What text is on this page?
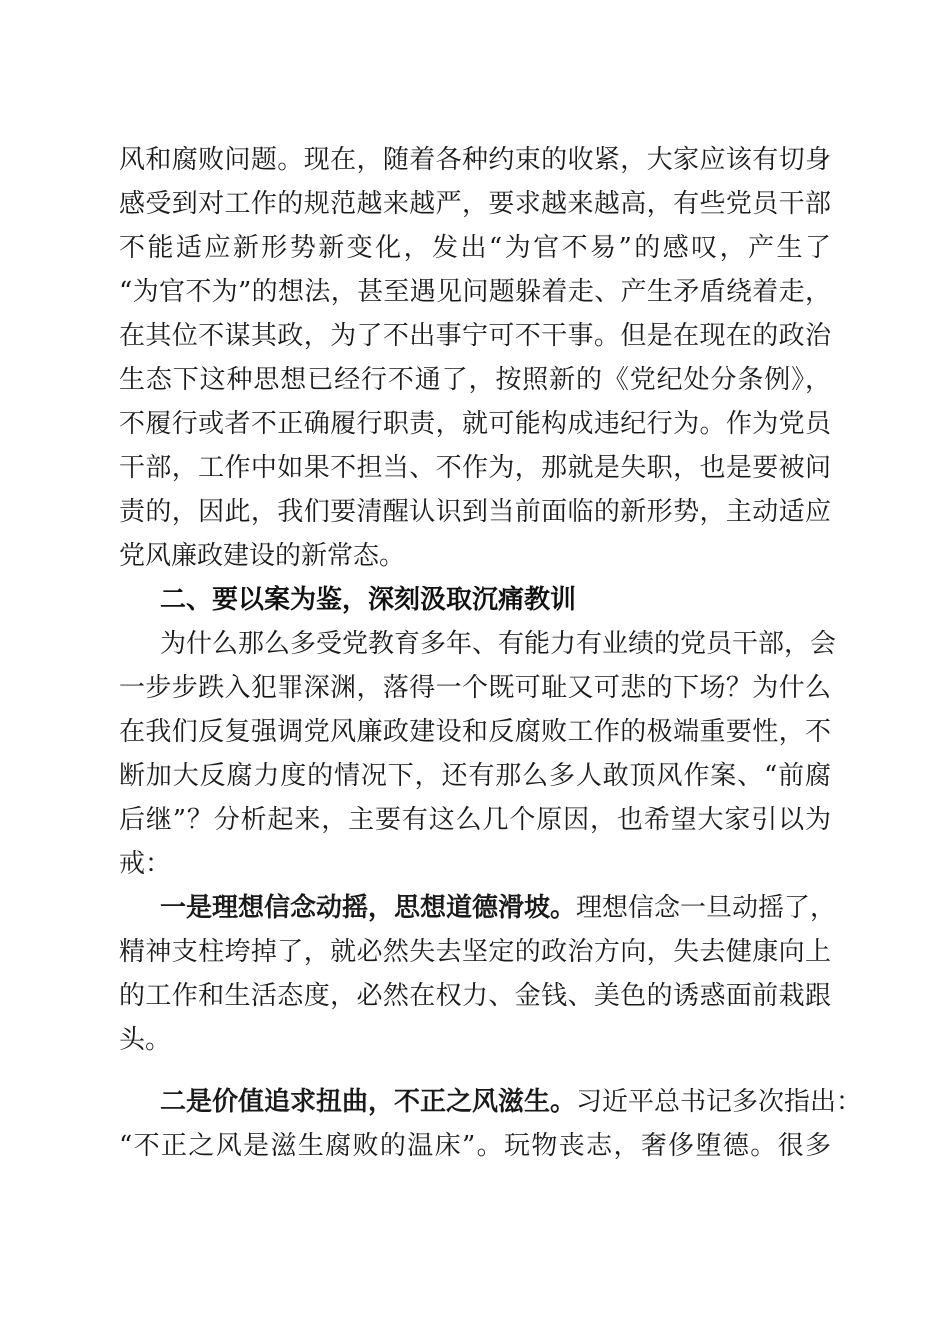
风和腐败问题。现在，随着各种约束的收紧，大家应该有切身
感受到对工作的规范越来越严，要求越来越高，有些党员干部
不能适应新形势新变化，发出“为官不易”的感叹，产生了
“为官不为”的想法，甚至遇见问题躲着走、产生矛盾绕着走，
在其位不谋其政，为了不出事宁可不干事。但是在现在的政治
生态下这种思想已经行不通了，按照新的《党纪处分条例》，
不履行或者不正确履行职责，就可能构成违纪行为。作为党员
干部，工作中如果不担当、不作为，那就是失职，也是要被问
责的，因此，我们要清醒认识到当前面临的新形势，主动适应
党风廉政建设的新常态。
二、要以案为鉴，深刻汲取沉痛教训
为什么那么多受党教育多年、有能力有业绩的党员干部，会
一步步跌入犯罪深渊，落得一个既可耻又可悲的下场？为什么
在我们反复强调党风廉政建设和反腐败工作的极端重要性，不
断加大反腐力度的情况下，还有那么多人敢顶风作案、“前腐
后继”？分析起来，主要有这么几个原因，也希望大家引以为
戒：
一是理想信念动摇，思想道德滑坡。理想信念一旦动摇了，
精神支柱垮掉了，就必然失去坚定的政治方向，失去健康向上
的工作和生活态度，必然在权力、金钱、美色的诱惑面前栽跟
头。
二是价值追求扭曲，不正之风滋生。习近平总书记多次指出：
“不正之风是滋生腐败的温床”。玩物丧志，奢侈堕德。很多
